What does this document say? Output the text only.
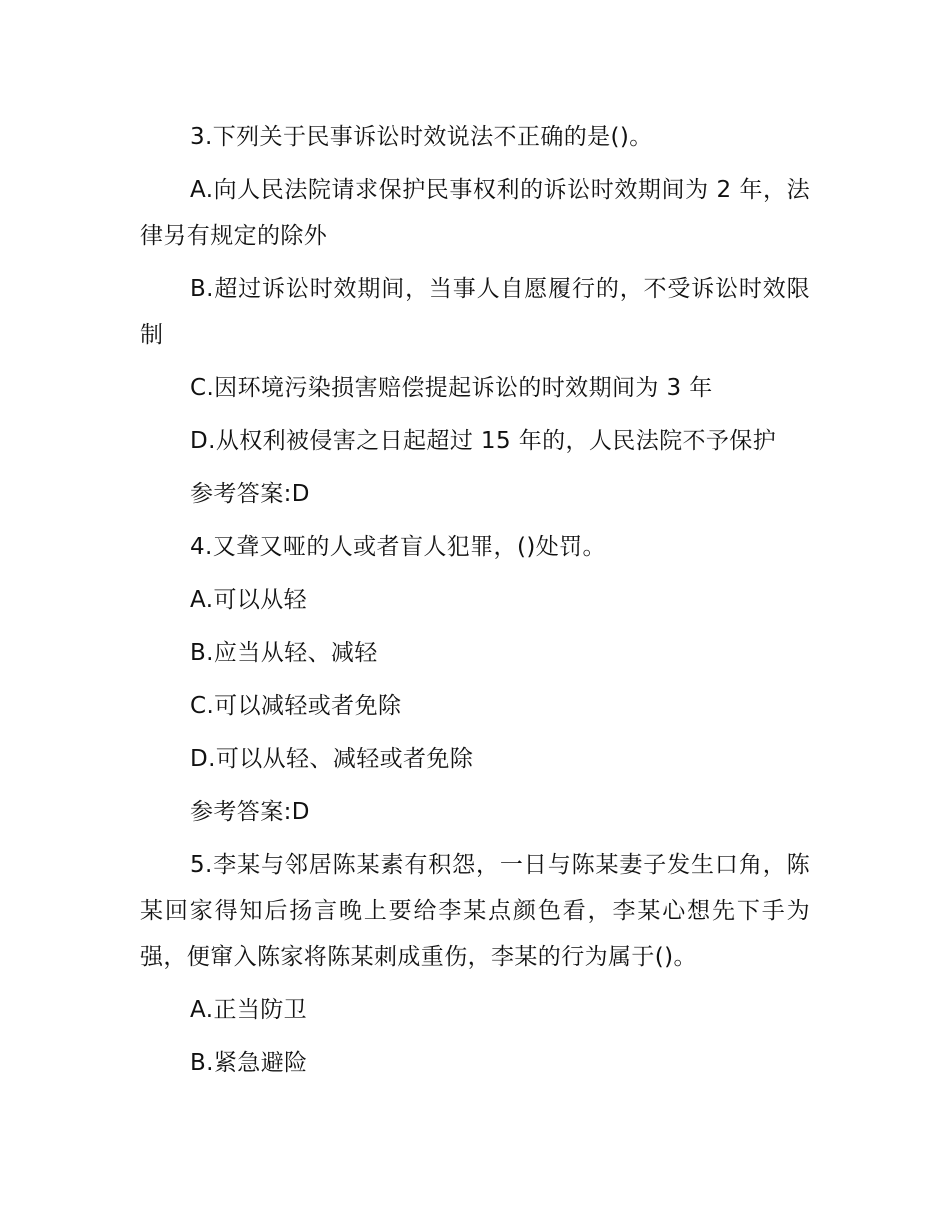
3.下列关于民事诉讼时效说法不正确的是()。

A.向人民法院请求保护民事权利的诉讼时效期间为 2 年，法律另有规定的除外

B.超过诉讼时效期间，当事人自愿履行的，不受诉讼时效限制

C.因环境污染损害赔偿提起诉讼的时效期间为 3 年

D.从权利被侵害之日起超过 15 年的，人民法院不予保护

参考答案:D

4.又聋又哑的人或者盲人犯罪，()处罚。

A.可以从轻

B.应当从轻、减轻

C.可以减轻或者免除

D.可以从轻、减轻或者免除

参考答案:D

5.李某与邻居陈某素有积怨，一日与陈某妻子发生口角，陈某回家得知后扬言晚上要给李某点颜色看，李某心想先下手为强，便窜入陈家将陈某刺成重伤，李某的行为属于()。

A.正当防卫

B.紧急避险
